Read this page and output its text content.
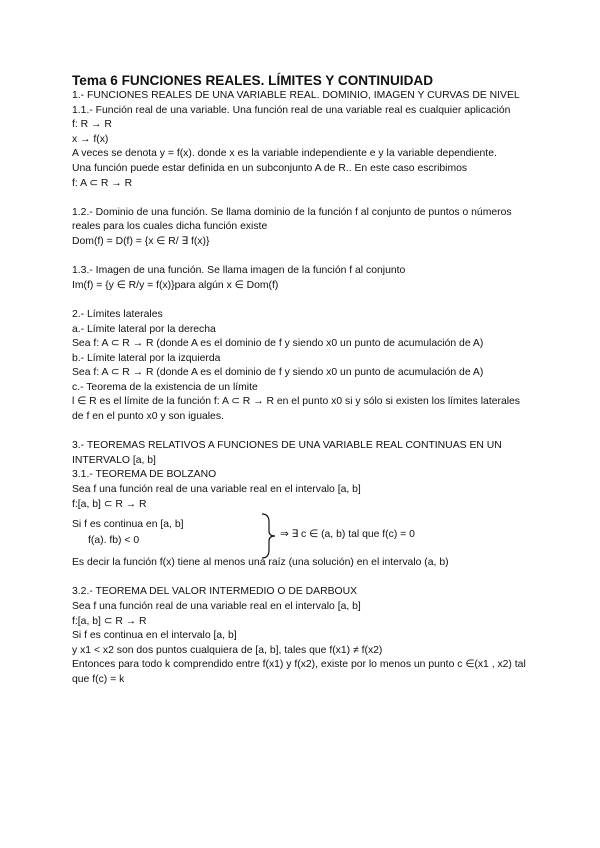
Tema 6 FUNCIONES REALES. LÍMITES Y CONTINUIDAD
1.- FUNCIONES REALES DE UNA VARIABLE REAL. DOMINIO, IMAGEN Y CURVAS DE NIVEL
1.1.- Función real de una variable. Una función real de una variable real es cualquier aplicación
f: R → R
x → f(x)
A veces se denota y = f(x). donde x es la variable independiente e y la variable dependiente.
Una función puede estar definida en un subconjunto A de R.. En este caso escribimos
f: A ⊂ R → R
1.2.- Dominio de una función. Se llama dominio de la función f al conjunto de puntos o números reales para los cuales dicha función existe
Dom(f) = D(f) = {x ∈ R/ ∃ f(x)}
1.3.- Imagen de una función. Se llama imagen de la función f al conjunto
Im(f) = {y ∈ R/y = f(x)}para algún x ∈ Dom(f)
2.- Límites laterales
a.- Límite lateral por la derecha
Sea f: A ⊂ R → R (donde A es el dominio de f y siendo x0 un punto de acumulación de A)
b.- Límite lateral por la izquierda
Sea f: A ⊂ R → R (donde A es el dominio de f y siendo x0 un punto de acumulación de A)
c.- Teorema de la existencia de un límite
l ∈ R es el límite de la función f: A ⊂ R → R en el punto x0 si y sólo si existen los límites laterales de f en el punto x0 y son iguales.
3.- TEOREMAS RELATIVOS A FUNCIONES DE UNA VARIABLE REAL CONTINUAS EN UN
INTERVALO [a, b]
3.1.- TEOREMA DE BOLZANO
Sea f una función real de una variable real en el intervalo [a, b]
f:[a, b] ⊂ R → R
Si f es continua en [a, b]
f(a). fb) < 0
⇒ ∃ c ∈ (a, b) tal que f(c) = 0
Es decir la función f(x) tiene al menos una raíz (una solución) en el intervalo (a, b)
3.2.- TEOREMA DEL VALOR INTERMEDIO O DE DARBOUX
Sea f una función real de una variable real en el intervalo [a, b]
f:[a, b] ⊂ R → R
Si f es continua en el intervalo [a, b]
y x1 < x2 son dos puntos cualquiera de [a, b], tales que f(x1) ≠ f(x2)
Entonces para todo k comprendido entre f(x1) y f(x2), existe por lo menos un punto c ∈(x1 , x2) tal que f(c) = k
